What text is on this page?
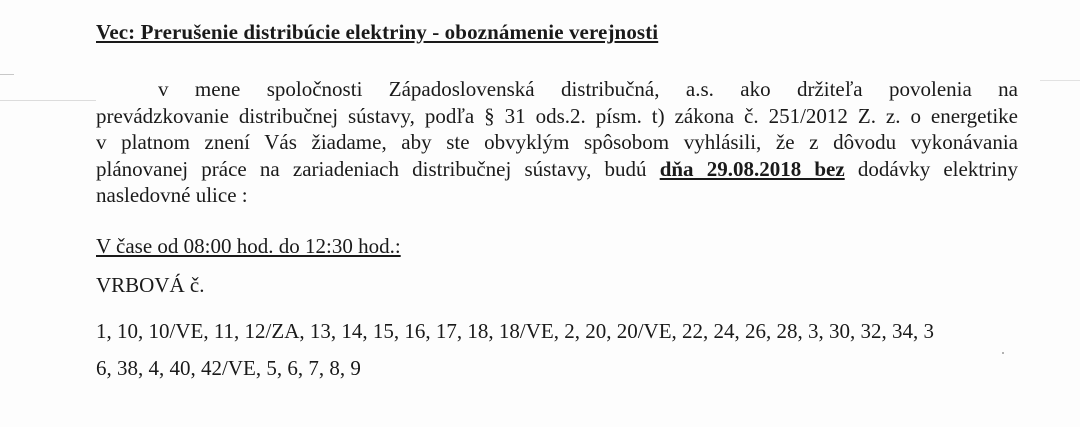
Vec: Prerušenie distribúcie elektriny - oboznámenie verejnosti
v mene spoločnosti Západoslovenská distribučná, a.s. ako držiteľa povolenia na
prevádzkovanie distribučnej sústavy, podľa § 31 ods.2. písm. t) zákona č. 251/2012 Z. z. o energetike
v platnom znení Vás žiadame, aby ste obvyklým spôsobom vyhlásili, že z dôvodu vykonávania
plánovanej práce na zariadeniach distribučnej sústavy, budú dňa 29.08.2018 bez dodávky elektriny
nasledovné ulice :
V čase od 08:00 hod. do 12:30 hod.:
VRBOVÁ č.
1, 10, 10/VE, 11, 12/ZA, 13, 14, 15, 16, 17, 18, 18/VE, 2, 20, 20/VE, 22, 24, 26, 28, 3, 30, 32, 34, 3
6, 38, 4, 40, 42/VE, 5, 6, 7, 8, 9
